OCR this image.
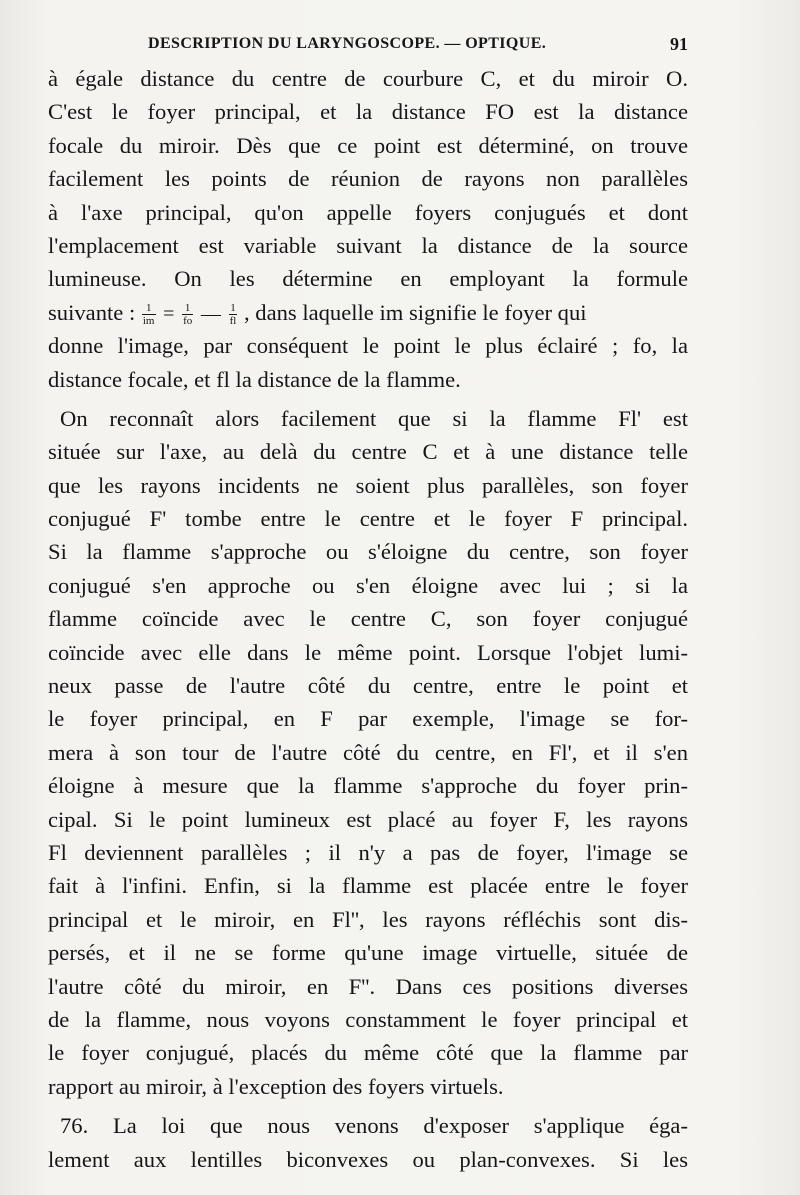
DESCRIPTION DU LARYNGOSCOPE. — OPTIQUE.	91
à égale distance du centre de courbure C, et du miroir O.
C'est le foyer principal, et la distance FO est la distance
focale du miroir. Dès que ce point est déterminé, on trouve
facilement les points de réunion de rayons non parallèles
à l'axe principal, qu'on appelle foyers conjugués et dont
l'emplacement est variable suivant la distance de la source
lumineuse. On les détermine en employant la formule
suivante : $\frac{1}{im} = \frac{1}{fo}$ — $\frac{1}{fl}$ , dans laquelle im signifie le foyer qui
donne l'image, par conséquent le point le plus éclairé ; fo, la
distance focale, et fl la distance de la flamme.
On reconnaît alors facilement que si la flamme Fl' est
située sur l'axe, au delà du centre C et à une distance telle
que les rayons incidents ne soient plus parallèles, son foyer
conjugué F' tombe entre le centre et le foyer F principal.
Si la flamme s'approche ou s'éloigne du centre, son foyer
conjugué s'en approche ou s'en éloigne avec lui ; si la
flamme coïncide avec le centre C, son foyer conjugué
coïncide avec elle dans le même point. Lorsque l'objet lumi-
neux passe de l'autre côté du centre, entre le point et
le foyer principal, en F par exemple, l'image se for-
mera à son tour de l'autre côté du centre, en Fl', et il s'en
éloigne à mesure que la flamme s'approche du foyer prin-
cipal. Si le point lumineux est placé au foyer F, les rayons
Fl deviennent parallèles ; il n'y a pas de foyer, l'image se
fait à l'infini. Enfin, si la flamme est placée entre le foyer
principal et le miroir, en Fl'', les rayons réfléchis sont dis-
persés, et il ne se forme qu'une image virtuelle, située de
l'autre côté du miroir, en F''. Dans ces positions diverses
de la flamme, nous voyons constamment le foyer principal et
le foyer conjugué, placés du même côté que la flamme par
rapport au miroir, à l'exception des foyers virtuels.
76. La loi que nous venons d'exposer s'applique éga-
lement aux lentilles biconvexes ou plan-convexes. Si les
